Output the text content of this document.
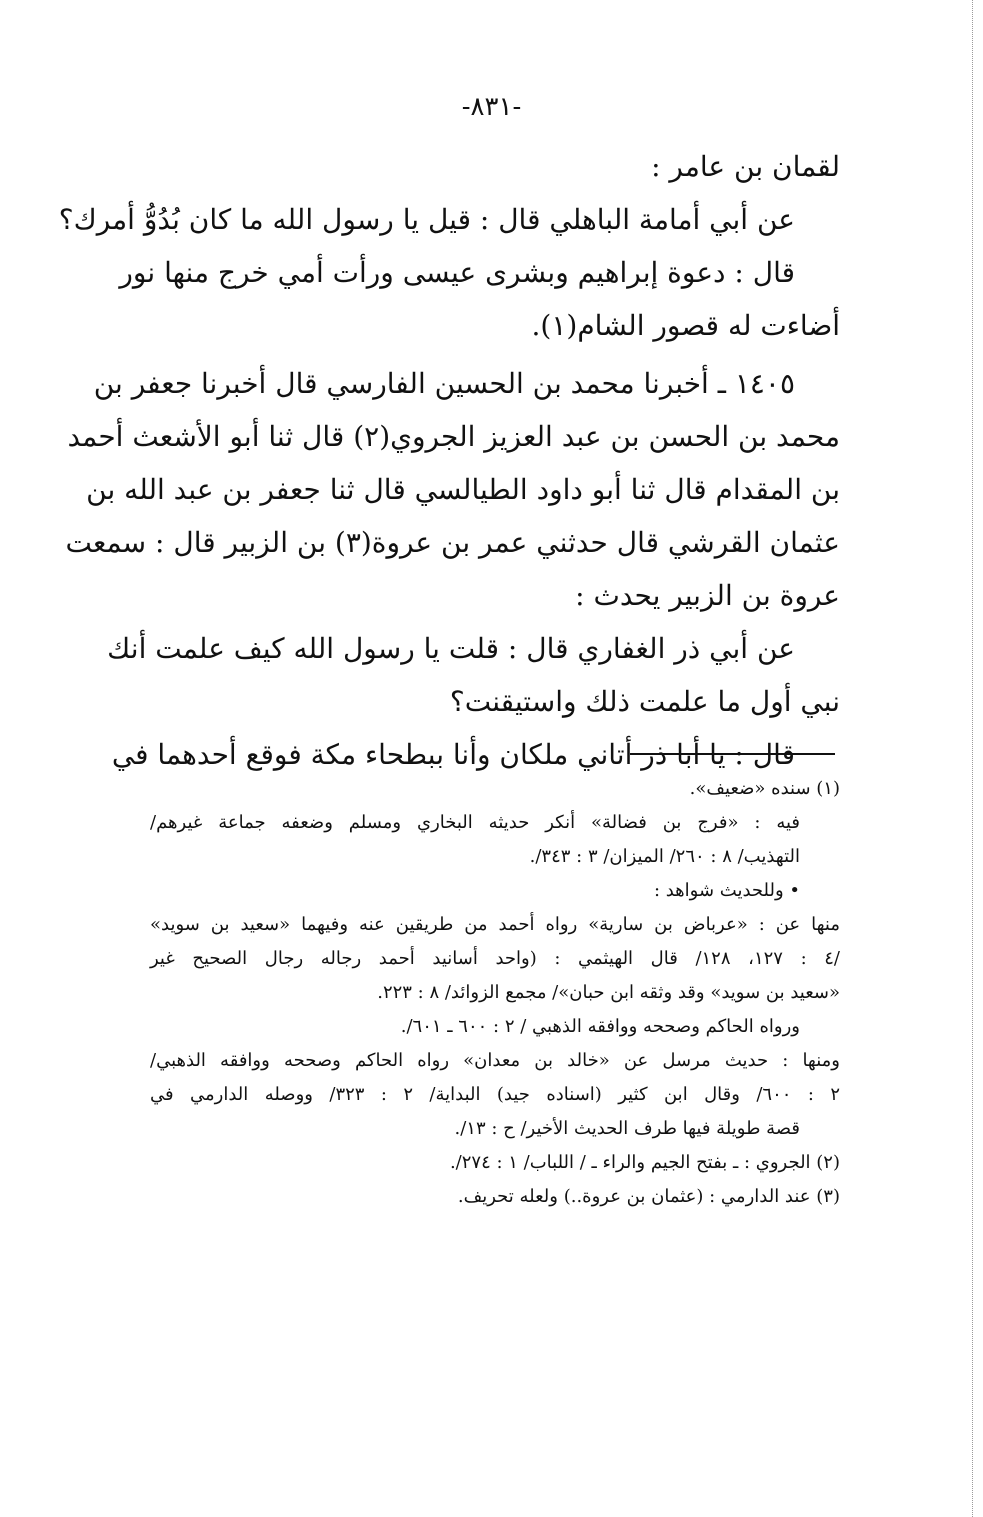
-٨٣١-

لقمان بن عامر :

عن أبي أمامة الباهلي قال : قيل يا رسول الله ما كان بُدُوُّ أمرك؟

قال : دعوة إبراهيم وبشرى عيسى ورأت أمي خرج منها نور

أضاءت له قصور الشام(١).

١٤٠٥ ـ أخبرنا محمد بن الحسين الفارسي قال أخبرنا جعفر بن

محمد بن الحسن بن عبد العزيز الجروي(٢) قال ثنا أبو الأشعث أحمد

بن المقدام قال ثنا أبو داود الطيالسي قال ثنا جعفر بن عبد الله بن

عثمان القرشي قال حدثني عمر بن عروة(٣) بن الزبير قال : سمعت

عروة بن الزبير يحدث :

عن أبي ذر الغفاري قال : قلت يا رسول الله كيف علمت أنك

نبي أول ما علمت ذلك واستيقنت؟

قال : يا أبا ذر أتاني ملكان وأنا ببطحاء مكة فوقع أحدهما في

(١) سنده «ضعيف».

فيه : «فرج بن فضالة» أنكر حديثه البخاري ومسلم وضعفه جماعة غيرهم/

التهذيب/ ٨ : ٢٦٠/ الميزان/ ٣ : ٣٤٣/.

• وللحديث شواهد :

منها عن : «عرباض بن سارية» رواه أحمد من طريقين عنه وفيهما «سعيد بن سويد»

/٤ : ١٢٧، ١٢٨/ قال الهيثمي : (واحد أسانيد أحمد رجاله رجال الصحيح غير

«سعيد بن سويد» وقد وثقه ابن حبان»/ مجمع الزوائد/ ٨ : ٢٢٣.

ورواه الحاكم وصححه ووافقه الذهبي / ٢ : ٦٠٠ ـ ٦٠١/.

ومنها : حديث مرسل عن «خالد بن معدان» رواه الحاكم وصححه ووافقه الذهبي/

٢ : ٦٠٠/ وقال ابن كثير (اسناده جيد) البداية/ ٢ : ٣٢٣/ ووصله الدارمي في

قصة طويلة فيها طرف الحديث الأخير/ ح : ١٣/.

(٢) الجروي : ـ بفتح الجيم والراء ـ / اللباب/ ١ : ٢٧٤/.

(٣) عند الدارمي : (عثمان بن عروة..) ولعله تحريف.
